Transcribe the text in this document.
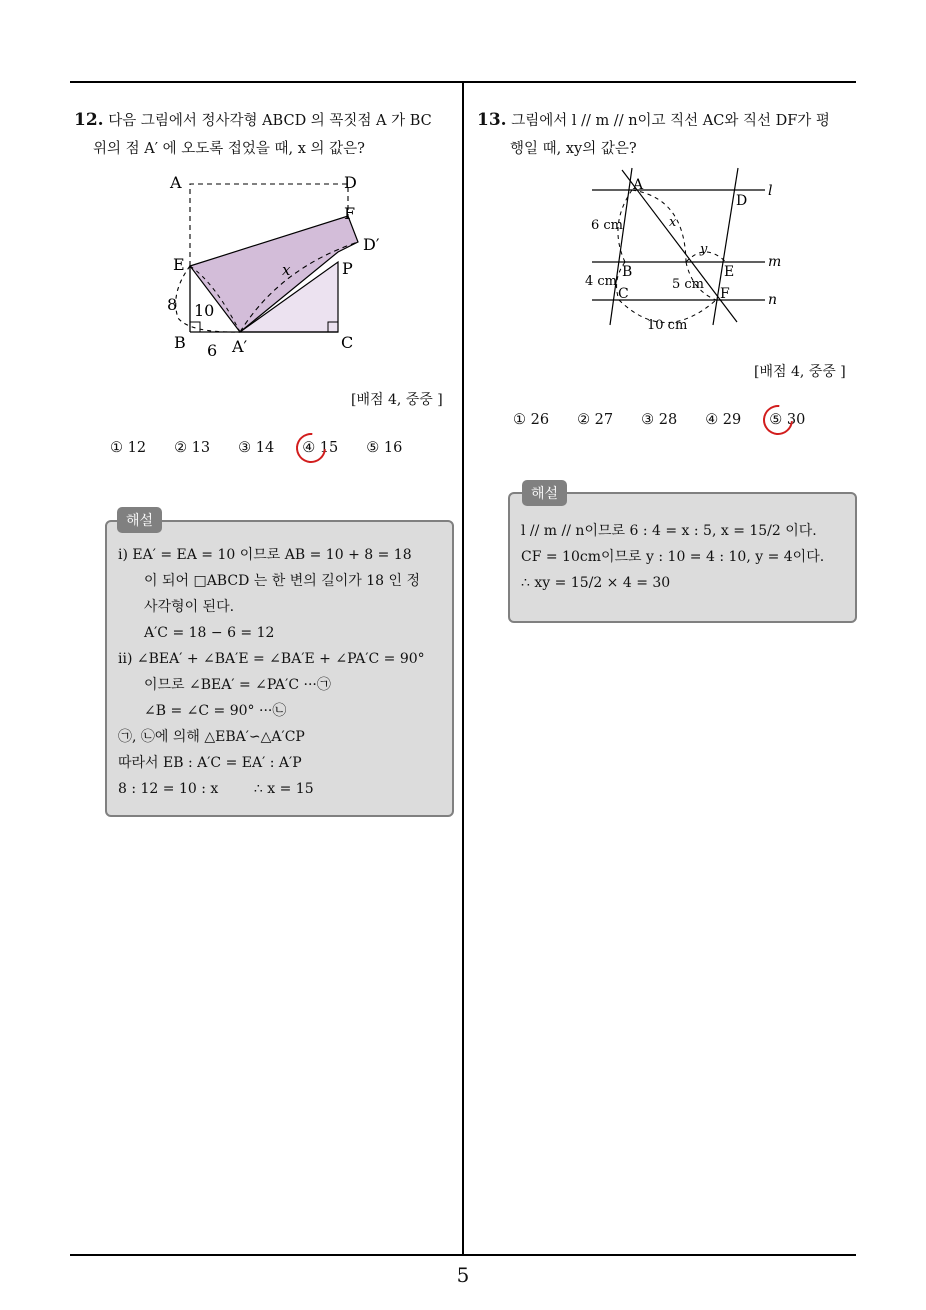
12. 다음 그림에서 정사각형 ABCD 의 꼭짓점 A 가 BC
위의 점 A′ 에 오도록 접었을 때, x 의 값은?
A	D
F
D′
E	P
x
8 10
B 6 A′	C
[배점 4, 중중 ]
① 12 ② 13 ③ 14 ④ 15 ⑤ 16
해설
ⅰ) EA′ = EA = 10 이므로 AB = 10 + 8 = 18
이 되어 □ABCD 는 한 변의 길이가 18 인 정
사각형이 된다.
A′C = 18 − 6 = 12
ⅱ) ∠BEA′ + ∠BA′E = ∠BA′E + ∠PA′C = 90°
이므로 ∠BEA′ = ∠PA′C ···㉠
∠B = ∠C = 90° ···㉡
㉠, ㉡에 의해 △EBA′∽△A′CP
따라서 EB : A′C = EA′ : A′P
8 : 12 = 10 : x        ∴ x = 15
13. 그림에서 l // m // n이고 직선 AC와 직선 DF가 평
행일 때, xy의 값은?
A
D
l
6 cm	x
y
B	E
m
4 cm	5 cm
C	F	n
10 cm
[배점 4, 중중 ]
① 26 ② 27 ③ 28 ④ 29 ⑤ 30
해설
l // m // n이므로 6 : 4 = x : 5, x = 15/2 이다.
CF = 10cm이므로 y : 10 = 4 : 10, y = 4이다.
∴ xy = 15/2 × 4 = 30
5
